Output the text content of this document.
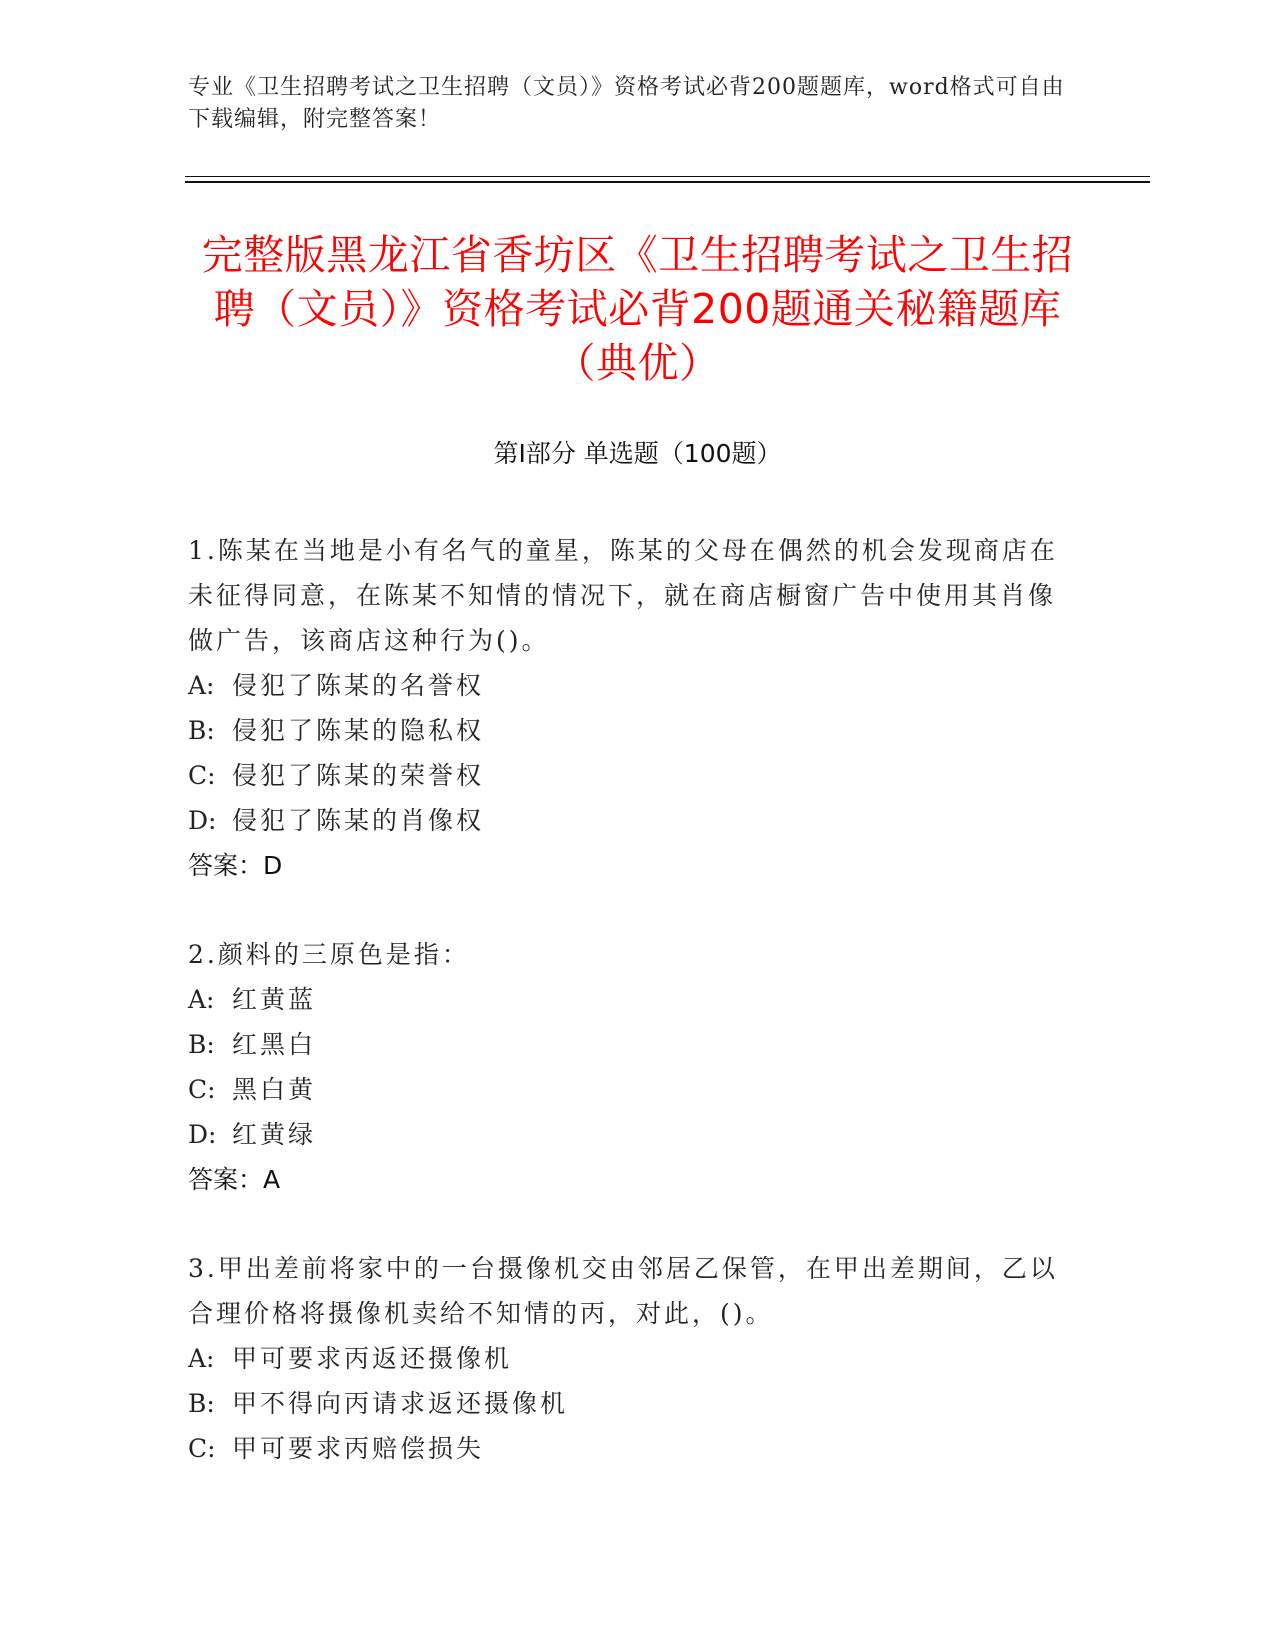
专业《卫生招聘考试之卫生招聘（文员）》资格考试必背200题题库，word格式可自由下载编辑，附完整答案！
完整版黑龙江省香坊区《卫生招聘考试之卫生招聘（文员）》资格考试必背200题通关秘籍题库（典优）
第Ⅰ部分 单选题（100题）
1.陈某在当地是小有名气的童星，陈某的父母在偶然的机会发现商店在未征得同意，在陈某不知情的情况下，就在商店橱窗广告中使用其肖像做广告，该商店这种行为()。
A: 侵犯了陈某的名誉权
B: 侵犯了陈某的隐私权
C: 侵犯了陈某的荣誉权
D: 侵犯了陈某的肖像权
答案：D
2.颜料的三原色是指：
A: 红黄蓝
B: 红黑白
C: 黑白黄
D: 红黄绿
答案：A
3.甲出差前将家中的一台摄像机交由邻居乙保管，在甲出差期间，乙以合理价格将摄像机卖给不知情的丙，对此，()。
A: 甲可要求丙返还摄像机
B: 甲不得向丙请求返还摄像机
C: 甲可要求丙赔偿损失
